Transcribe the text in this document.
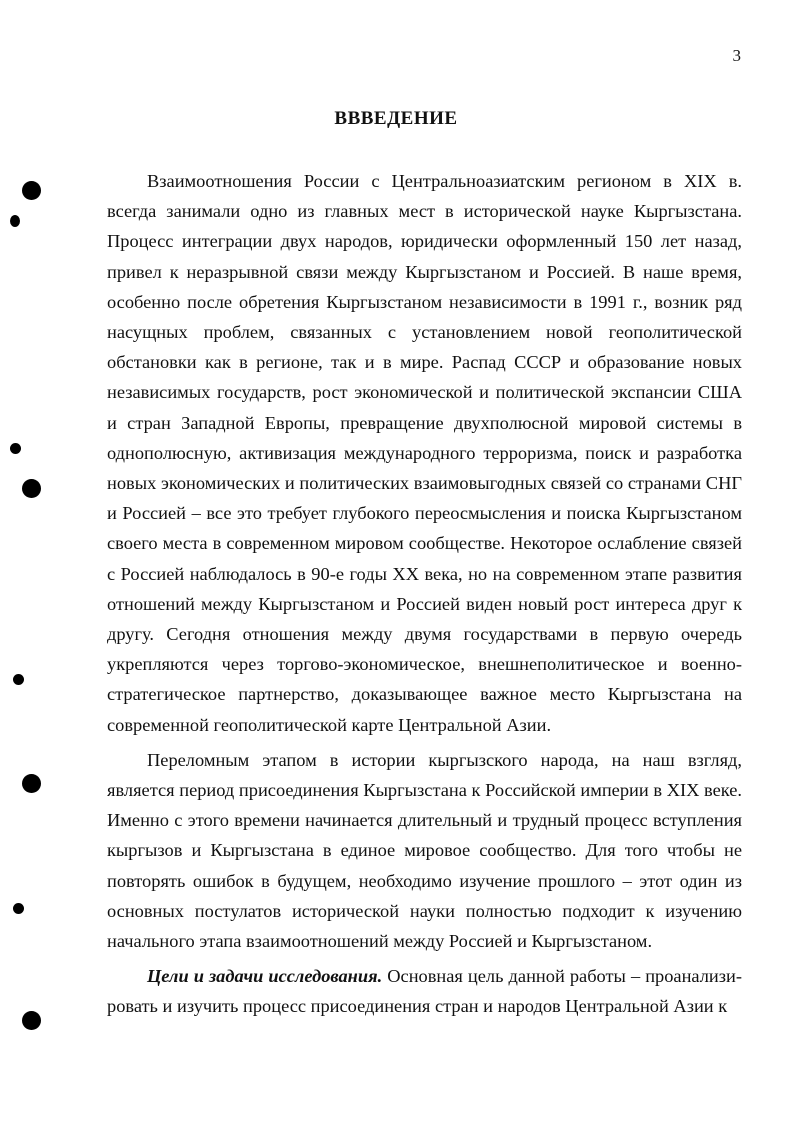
3
ВВВЕДЕНИЕ

Взаимоотношения России с Центральноазиатским регионом в XIX в. всегда занимали одно из главных мест в исторической науке Кыргызстана. Процесс интеграции двух народов, юридически оформленный 150 лет назад, привел к неразрывной связи между Кыргызстаном и Россией. В наше время, особенно после обретения Кыргызстаном независимости в 1991 г., возник ряд насущных проблем, связанных с установлением новой геополитической обстановки как в регионе, так и в мире. Распад СССР и образование новых независимых государств, рост экономической и политической экспансии США и стран Западной Европы, превращение двухполюсной мировой системы в однополюсную, активизация международного терроризма, поиск и разработка новых экономических и политических взаимовыгодных связей со странами СНГ и Россией – все это требует глубокого переосмысления и поиска Кыргызстаном своего места в современном мировом сообществе. Некоторое ослабление связей с Россией наблюдалось в 90-е годы XX века, но на современном этапе развития отношений между Кыргызстаном и Россией виден новый рост интереса друг к другу. Сегодня отношения между двумя государствами в первую очередь укрепляются через торгово-экономическое, внешнеполитическое и военно-стратегическое партнерство, доказывающее важное место Кыргызстана на современной геополитической карте Центральной Азии.

Переломным этапом в истории кыргызского народа, на наш взгляд, является период присоединения Кыргызстана к Российской империи в XIX веке. Именно с этого времени начинается длительный и трудный процесс вступления кыргызов и Кыргызстана в единое мировое сообщество. Для того чтобы не повторять ошибок в будущем, необходимо изучение прошлого – этот один из основных постулатов исторической науки полностью подходит к изучению начального этапа взаимоотношений между Россией и Кыргызстаном.

Цели и задачи исследования. Основная цель данной работы – проанализировать и изучить процесс присоединения стран и народов Центральной Азии к
